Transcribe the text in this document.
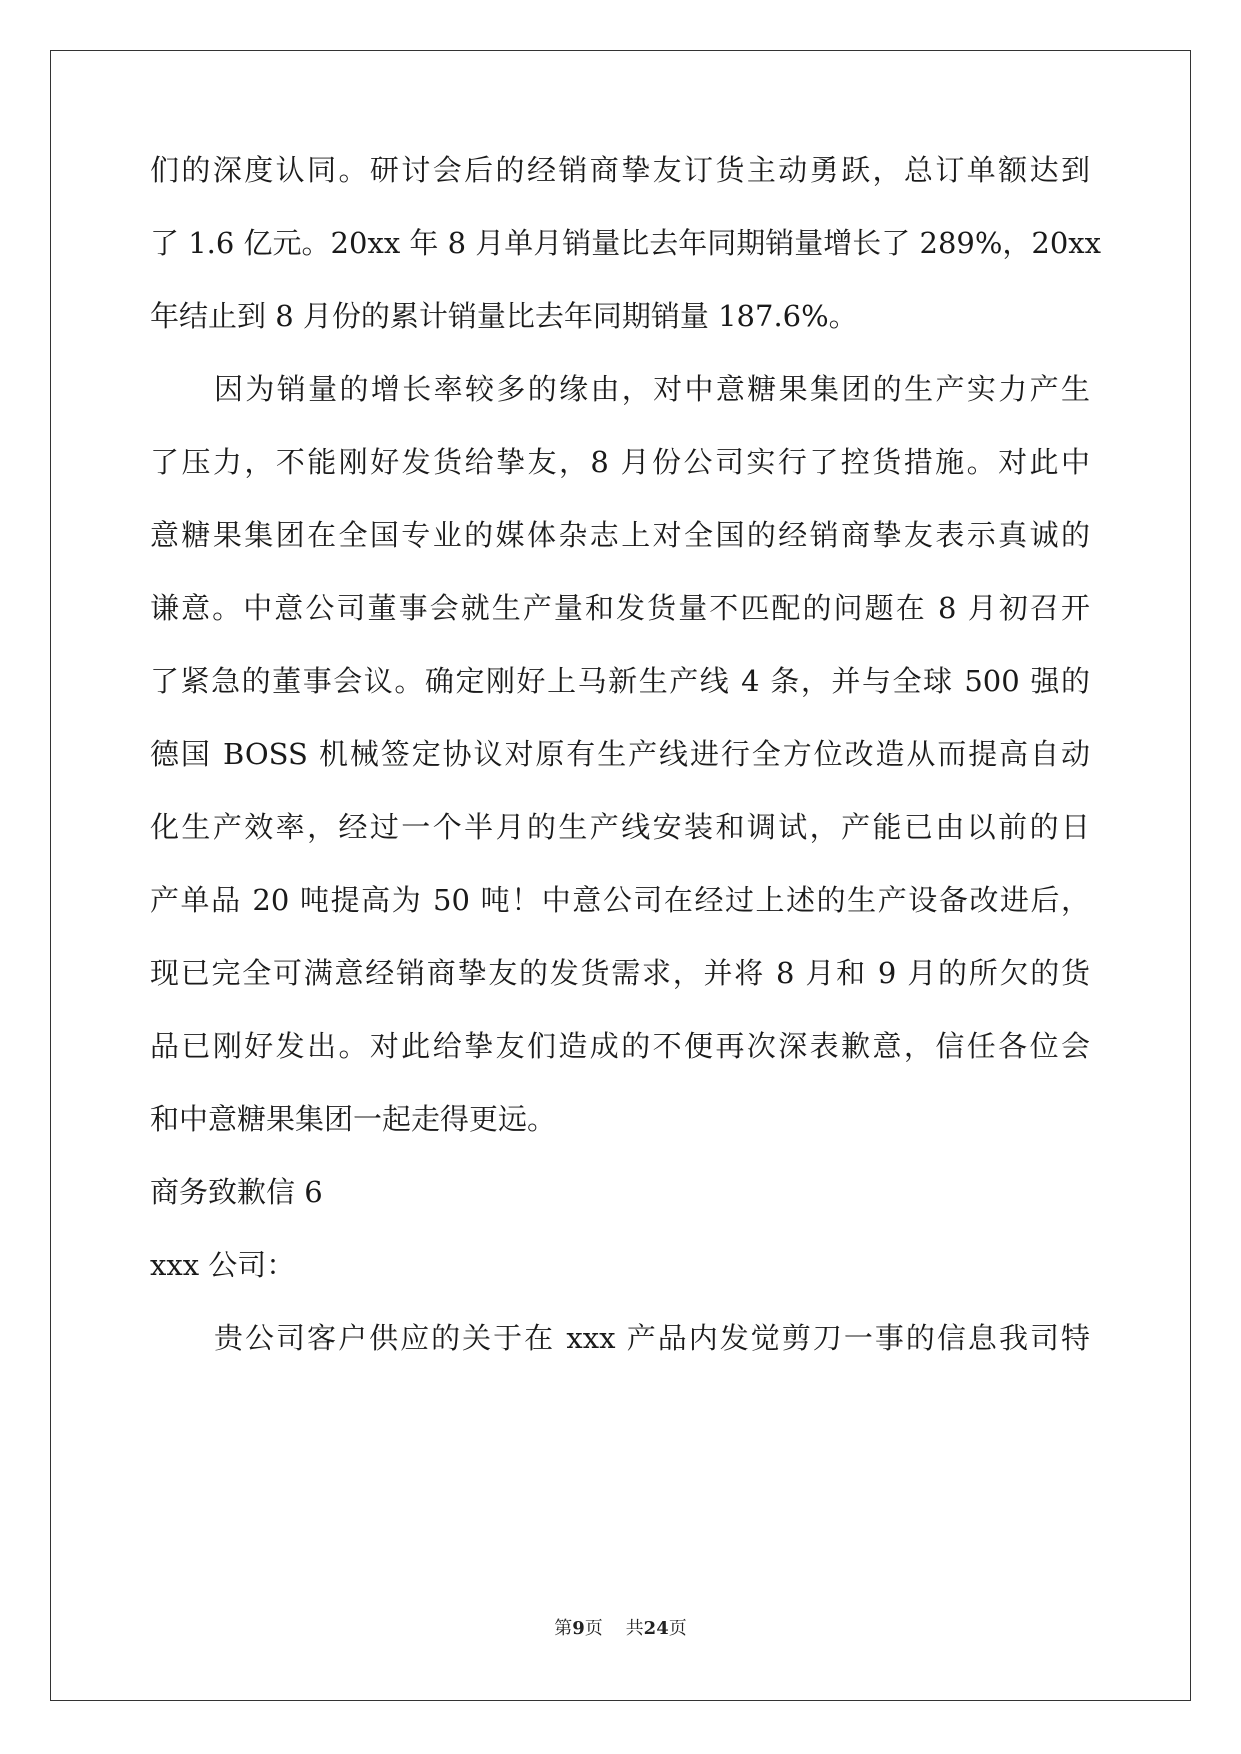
们的深度认同。研讨会后的经销商挚友订货主动勇跃，总订单额达到
了 1.6 亿元。20xx 年 8 月单月销量比去年同期销量增长了 289%，20xx
年结止到 8 月份的累计销量比去年同期销量 187.6%。
因为销量的增长率较多的缘由，对中意糖果集团的生产实力产生
了压力，不能刚好发货给挚友，8 月份公司实行了控货措施。对此中
意糖果集团在全国专业的媒体杂志上对全国的经销商挚友表示真诚的
谦意。中意公司董事会就生产量和发货量不匹配的问题在 8 月初召开
了紧急的董事会议。确定刚好上马新生产线 4 条，并与全球 500 强的
德国 BOSS 机械签定协议对原有生产线进行全方位改造从而提高自动
化生产效率，经过一个半月的生产线安装和调试，产能已由以前的日
产单品 20 吨提高为 50 吨！中意公司在经过上述的生产设备改进后，
现已完全可满意经销商挚友的发货需求，并将 8 月和 9 月的所欠的货
品已刚好发出。对此给挚友们造成的不便再次深表歉意，信任各位会
和中意糖果集团一起走得更远。
商务致歉信 6
xxx 公司：
贵公司客户供应的关于在 xxx 产品内发觉剪刀一事的信息我司特
第9页    共24页
